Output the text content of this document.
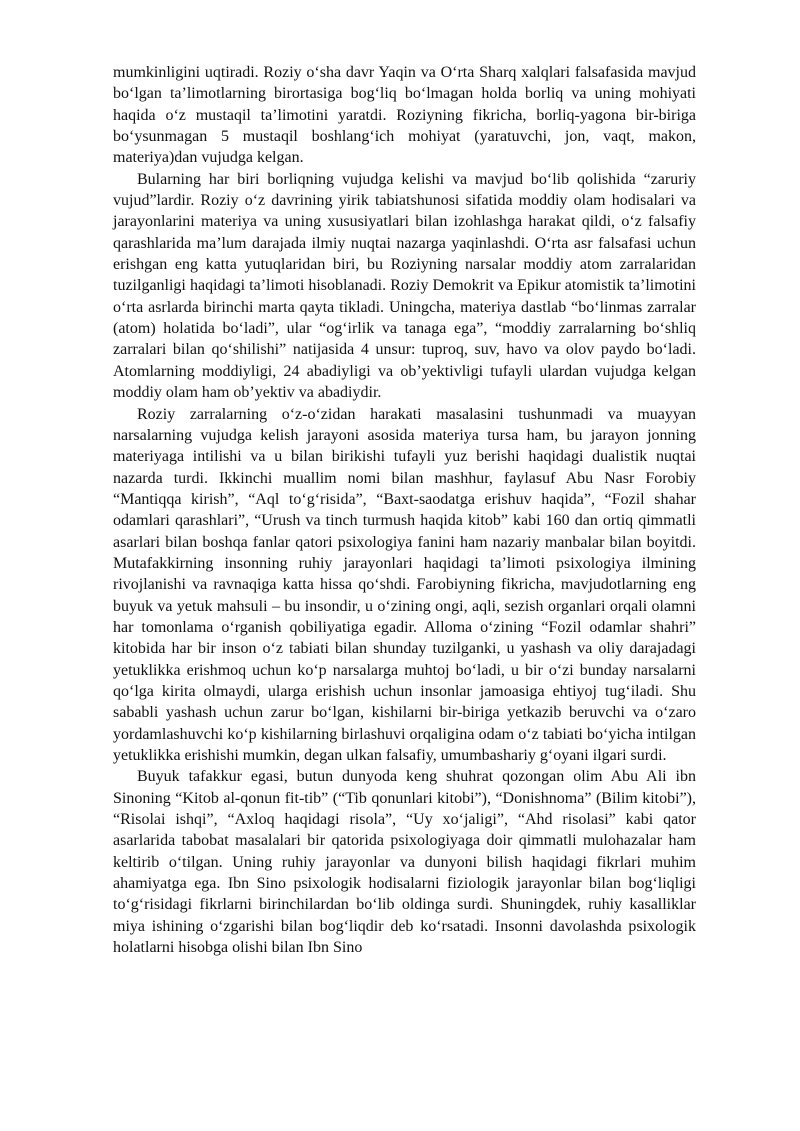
mumkinligini uqtiradi. Roziy o‘sha davr Yaqin va O‘rta Sharq xalqlari falsafasida mavjud bo‘lgan ta’limotlarning birortasiga bog‘liq bo‘lmagan holda borliq va uning mohiyati haqida o‘z mustaqil ta’limotini yaratdi. Roziyning fikricha, borliq-yagona bir-biriga bo‘ysunmagan 5 mustaqil boshlang‘ich mohiyat (yaratuvchi, jon, vaqt, makon, materiya)dan vujudga kelgan.

Bularning har biri borliqning vujudga kelishi va mavjud bo‘lib qolishida “zaruriy vujud”lardir. Roziy o‘z davrining yirik tabiatshunosi sifatida moddiy olam hodisalari va jarayonlarini materiya va uning xususiyatlari bilan izohlashga harakat qildi, o‘z falsafiy qarashlarida ma’lum darajada ilmiy nuqtai nazarga yaqinlashdi. O‘rta asr falsafasi uchun erishgan eng katta yutuqlaridan biri, bu Roziyning narsalar moddiy atom zarralaridan tuzilganligi haqidagi ta’limoti hisoblanadi. Roziy Demokrit va Epikur atomistik ta’limotini o‘rta asrlarda birinchi marta qayta tikladi. Uningcha, materiya dastlab “bo‘linmas zarralar (atom) holatida bo‘ladi”, ular “og‘irlik va tanaga ega”, “moddiy zarralarning bo‘shliq zarralari bilan qo‘shilishi” natijasida 4 unsur: tuproq, suv, havo va olov paydo bo‘ladi. Atomlarning moddiyligi, 24 abadiyligi va ob’yektivligi tufayli ulardan vujudga kelgan moddiy olam ham ob’yektiv va abadiydir.

Roziy zarralarning o‘z-o‘zidan harakati masalasini tushunmadi va muayyan narsalarning vujudga kelish jarayoni asosida materiya tursa ham, bu jarayon jonning materiyaga intilishi va u bilan birikishi tufayli yuz berishi haqidagi dualistik nuqtai nazarda turdi. Ikkinchi muallim nomi bilan mashhur, faylasuf Abu Nasr Forobiy “Mantiqqa kirish”, “Aql to‘g‘risida”, “Baxt-saodatga erishuv haqida”, “Fozil shahar odamlari qarashlari”, “Urush va tinch turmush haqida kitob” kabi 160 dan ortiq qimmatli asarlari bilan boshqa fanlar qatori psixologiya fanini ham nazariy manbalar bilan boyitdi. Mutafakkirning insonning ruhiy jarayonlari haqidagi ta’limoti psixologiya ilmining rivojlanishi va ravnaqiga katta hissa qo‘shdi. Farobiyning fikricha, mavjudotlarning eng buyuk va yetuk mahsuli – bu insondir, u o‘zining ongi, aqli, sezish organlari orqali olamni har tomonlama o‘rganish qobiliyatiga egadir. Alloma o‘zining “Fozil odamlar shahri” kitobida har bir inson o‘z tabiati bilan shunday tuzilganki, u yashash va oliy darajadagi yetuklikka erishmoq uchun ko‘p narsalarga muhtoj bo‘ladi, u bir o‘zi bunday narsalarni qo‘lga kirita olmaydi, ularga erishish uchun insonlar jamoasiga ehtiyoj tug‘iladi. Shu sababli yashash uchun zarur bo‘lgan, kishilarni bir-biriga yetkazib beruvchi va o‘zaro yordamlashuvchi ko‘p kishilarning birlashuvi orqaligina odam o‘z tabiati bo‘yicha intilgan yetuklikka erishishi mumkin, degan ulkan falsafiy, umumbashariy g‘oyani ilgari surdi.

Buyuk tafakkur egasi, butun dunyoda keng shuhrat qozongan olim Abu Ali ibn Sinoning “Kitob al-qonun fit-tib” (“Tib qonunlari kitobi”), “Donishnoma” (Bilim kitobi”), “Risolai ishqi”, “Axloq haqidagi risola”, “Uy xo‘jaligi”, “Ahd risolasi” kabi qator asarlarida tabobat masalalari bir qatorida psixologiyaga doir qimmatli mulohazalar ham keltirib o‘tilgan. Uning ruhiy jarayonlar va dunyoni bilish haqidagi fikrlari muhim ahamiyatga ega. Ibn Sino psixologik hodisalarni fiziologik jarayonlar bilan bog‘liqligi to‘g‘risidagi fikrlarni birinchilardan bo‘lib oldinga surdi. Shuningdek, ruhiy kasalliklar miya ishining o‘zgarishi bilan bog‘liqdir deb ko‘rsatadi. Insonni davolashda psixologik holatlarni hisobga olishi bilan Ibn Sino
